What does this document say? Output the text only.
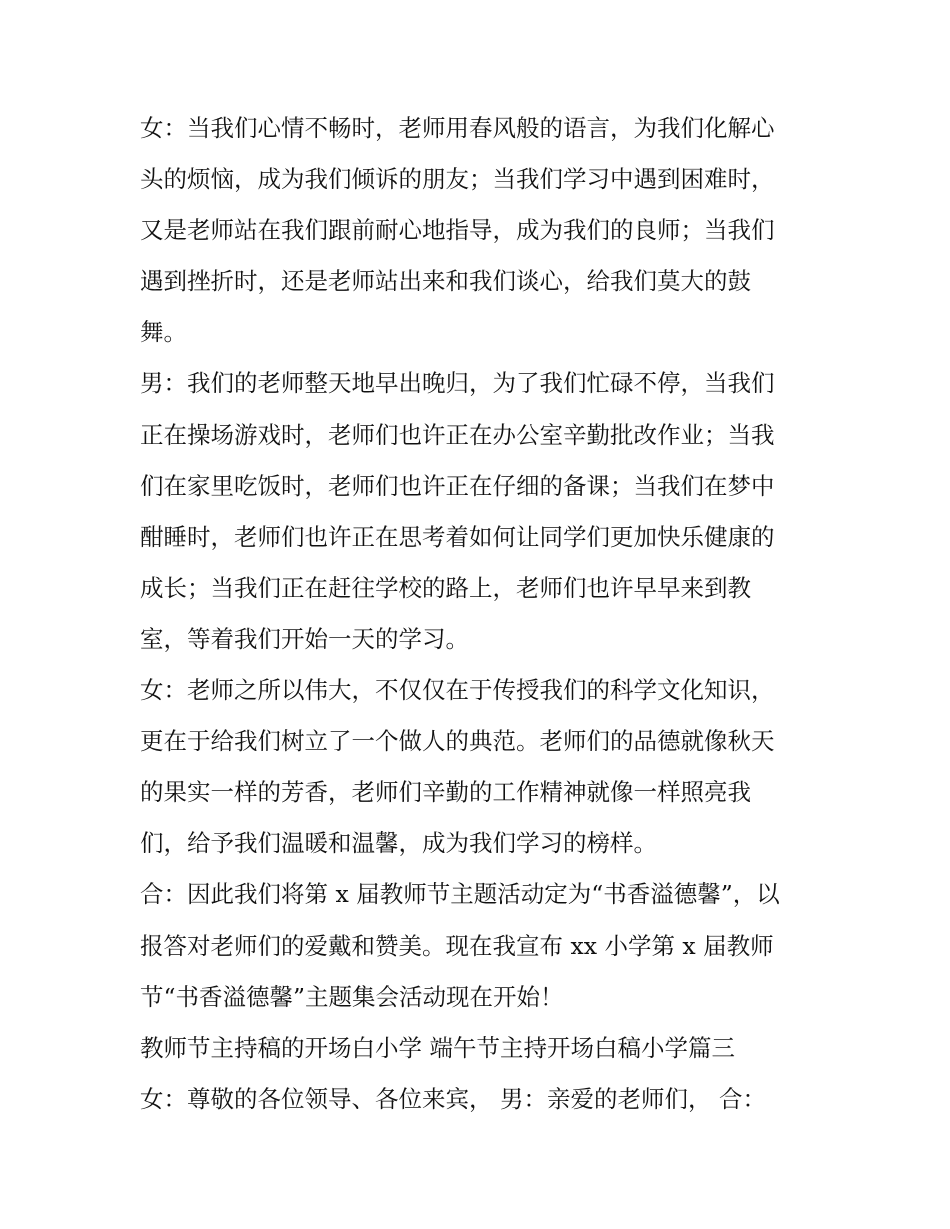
女：当我们心情不畅时，老师用春风般的语言，为我们化解心
头的烦恼，成为我们倾诉的朋友；当我们学习中遇到困难时，
又是老师站在我们跟前耐心地指导，成为我们的良师；当我们
遇到挫折时，还是老师站出来和我们谈心，给我们莫大的鼓
舞。
男：我们的老师整天地早出晚归，为了我们忙碌不停，当我们
正在操场游戏时，老师们也许正在办公室辛勤批改作业；当我
们在家里吃饭时，老师们也许正在仔细的备课；当我们在梦中
酣睡时，老师们也许正在思考着如何让同学们更加快乐健康的
成长；当我们正在赶往学校的路上，老师们也许早早来到教
室，等着我们开始一天的学习。
女：老师之所以伟大，不仅仅在于传授我们的科学文化知识，
更在于给我们树立了一个做人的典范。老师们的品德就像秋天
的果实一样的芳香，老师们辛勤的工作精神就像一样照亮我
们，给予我们温暖和温馨，成为我们学习的榜样。
合：因此我们将第 x 届教师节主题活动定为“书香溢德馨”，以
报答对老师们的爱戴和赞美。现在我宣布 xx 小学第 x 届教师
节“书香溢德馨”主题集会活动现在开始！
教师节主持稿的开场白小学 端午节主持开场白稿小学篇三
女：尊敬的各位领导、各位来宾， 男：亲爱的老师们， 合：
